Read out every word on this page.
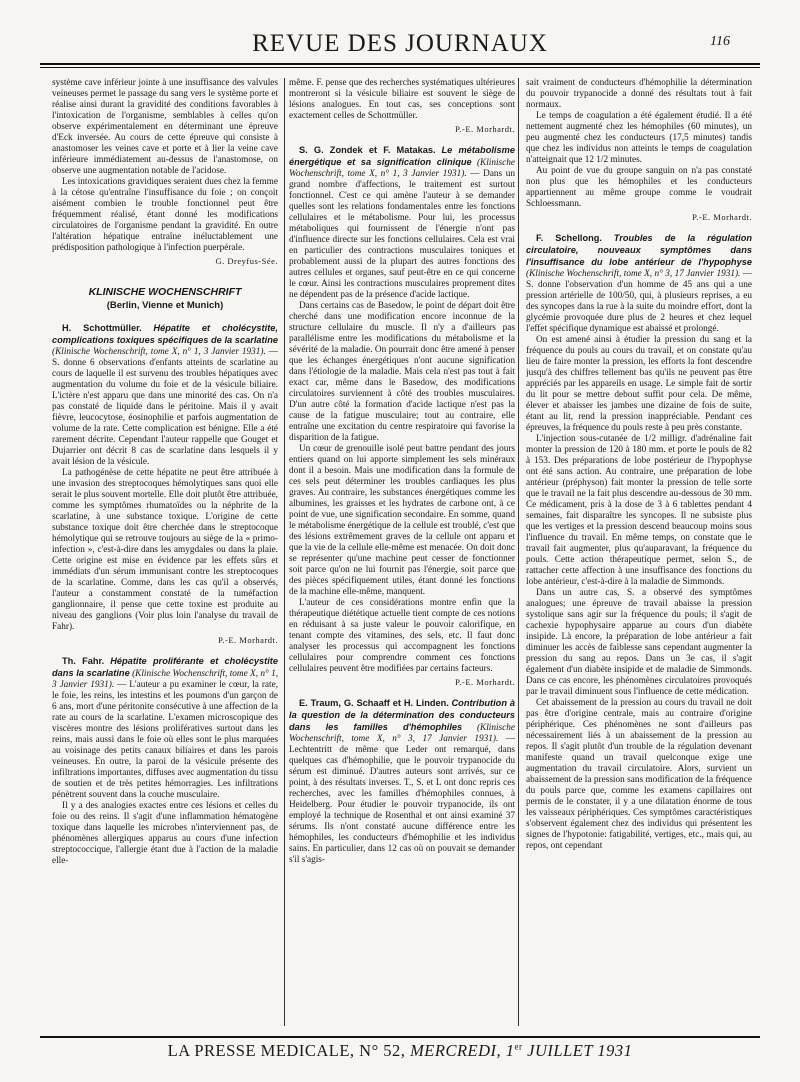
REVUE DES JOURNAUX	116

système cave inférieur jointe à une insuffisance des valvules veineuses permet le passage du sang vers le système porte et réalise ainsi durant la gravidité des conditions favorables à l'intoxication de l'organisme, semblables à celles qu'on observe expérimentalement en déterminant une épreuve d'Eck inversée. Au cours de cette épreuve qui consiste à anastomoser les veines cave et porte et à lier la veine cave inférieure immédiatement au-dessus de l'anastomose, on observe une augmentation notable de l'acidose.

Les intoxications gravidiques seraient dues chez la femme à la cétose qu'entraîne l'insuffisance du foie ; on conçoit aisément combien le trouble fonctionnel peut être fréquemment réalisé, étant donné les modifications circulatoires de l'organisme pendant la gravidité. En outre l'altération hépatique entraîne inéluctablement une prédisposition pathologique à l'infection puerpérale.

G. Dreyfus-Sée.
KLINISCHE WOCHENSCHRIFT
(Berlin, Vienne et Munich)

H. Schottmüller. Hépatite et cholécystite, complications toxiques spécifiques de la scarlatine (Klinische Wochenschrift, tome X, n° 1, 3 Janvier 1931). — S. donne 6 observations d'enfants atteints de scarlatine au cours de laquelle il est survenu des troubles hépatiques avec augmentation du volume du foie et de la vésicule biliaire. L'ictère n'est apparu que dans une minorité des cas. On n'a pas constaté de liquide dans le péritoine. Mais il y avait fièvre, leucocytose, éosinophilie et parfois augmentation de volume de la rate. Cette complication est bénigne. Elle a été rarement décrite. Cependant l'auteur rappelle que Gouget et Dujarrier ont décrit 8 cas de scarlatine dans lesquels il y avait lésion de la vésicule.

La pathogénèse de cette hépatite ne peut être attribuée à une invasion des streptocoques hémolytiques sans quoi elle serait le plus souvent mortelle. Elle doit plutôt être attribuée, comme les symptômes rhumatoïdes ou la néphrite de la scarlatine, à une substance toxique. L'origine de cette substance toxique doit être cherchée dans le streptocoque hémolytique qui se retrouve toujours au siège de la « primo-infection », c'est-à-dire dans les amygdales ou dans la plaie. Cette origine est mise en évidence par les effets sûrs et immédiats d'un sérum immunisant contre les streptocoques de la scarlatine. Comme, dans les cas qu'il a observés, l'auteur a constamment constaté de la tuméfaction ganglionnaire, il pense que cette toxine est produite au niveau des ganglions (Voir plus loin l'analyse du travail de Fahr).

P.-E. Morhardt.

Th. Fahr. Hépatite proliférante et cholécystite dans la scarlatine (Klinische Wochenschrift, tome X, n° 1, 3 Janvier 1931). — L'auteur a pu examiner le cœur, la rate, le foie, les reins, les intestins et les poumons d'un garçon de 6 ans, mort d'une péritonite consécutive à une affection de la rate au cours de la scarlatine. L'examen microscopique des viscères montre des lésions prolifératives surtout dans les reins, mais aussi dans le foie où elles sont le plus marquées au voisinage des petits canaux biliaires et dans les parois veineuses. En outre, la paroi de la vésicule présente des infiltrations importantes, diffuses avec augmentation du tissu de soutien et de très petites hémorragies. Les infiltrations pénètrent souvent dans la couche musculaire.

Il y a des analogies exactes entre ces lésions et celles du foie ou des reins. Il s'agit d'une inflammation hématogène toxique dans laquelle les microbes n'interviennent pas, de phénomènes allergiques apparus au cours d'une infection streptococcique, l'allergie étant due à l'action de la maladie elle-

même. F. pense que des recherches systématiques ultérieures montreront si la vésicule biliaire est souvent le siège de lésions analogues. En tout cas, ses conceptions sont exactement celles de Schottmüller.

P.-E. Morhardt.

S. G. Zondek et F. Matakas. Le métabolisme énergétique et sa signification clinique (Klinische Wochenschrift, tome X, n° 1, 3 Janvier 1931). — Dans un grand nombre d'affections, le traitement est surtout fonctionnel. C'est ce qui amène l'auteur à se demander quelles sont les relations fondamentales entre les fonctions cellulaires et le métabolisme. Pour lui, les processus métaboliques qui fournissent de l'énergie n'ont pas d'influence directe sur les fonctions cellulaires. Cela est vrai en particulier des contractions musculaires toniques et probablement aussi de la plupart des autres fonctions des autres cellules et organes, sauf peut-être en ce qui concerne le cœur. Ainsi les contractions musculaires proprement dites ne dépendent pas de la présence d'acide lactique.

Dans certains cas de Basedow, le point de départ doit être cherché dans une modification encore inconnue de la structure cellulaire du muscle. Il n'y a d'ailleurs pas parallélisme entre les modifications du métabolisme et la sévérité de la maladie. On pourrait donc être amené à penser que les échanges énergétiques n'ont aucune signification dans l'étiologie de la maladie. Mais cela n'est pas tout à fait exact car, même dans le Basedow, des modifications circulatoires surviennent à côté des troubles musculaires. D'un autre côté la formation d'acide lactique n'est pas la cause de la fatigue musculaire; tout au contraire, elle entraîne une excitation du centre respiratoire qui favorise la disparition de la fatigue.

Un cœur de grenouille isolé peut battre pendant des jours entiers quand on lui apporte simplement les sels minéraux dont il a besoin. Mais une modification dans la formule de ces sels peut déterminer les troubles cardiaques les plus graves. Au contraire, les substances énergétiques comme les albumines, les graisses et les hydrates de carbone ont, à ce point de vue, une signification secondaire. En somme, quand le métabolisme énergétique de la cellule est troublé, c'est que des lésions extrêmement graves de la cellule ont apparu et que la vie de la cellule elle-même est menacée. On doit donc se représenter qu'une machine peut cesser de fonctionner soit parce qu'on ne lui fournit pas l'énergie, soit parce que des pièces spécifiquement utiles, étant donné les fonctions de la machine elle-même, manquent.

L'auteur de ces considérations montre enfin que la thérapeutique diététique actuelle tient compte de ces notions en réduisant à sa juste valeur le pouvoir calorifique, en tenant compte des vitamines, des sels, etc. Il faut donc analyser les processus qui accompagnent les fonctions cellulaires pour comprendre comment ces fonctions cellulaires peuvent être modifiées par certains facteurs.

P.-E. Morhardt.

E. Traum, G. Schaaff et H. Linden. Contribution à la question de la détermination des conducteurs dans les familles d'hémophiles (Klinische Wochenschrift, tome X, n° 3, 17 Janvier 1931). — Lechtentritt de même que Leder ont remarqué, dans quelques cas d'hémophilie, que le pouvoir trypanocide du sérum est diminué. D'autres auteurs sont arrivés, sur ce point, à des résultats inverses. T., S. et L ont donc repris ces recherches, avec les familles d'hémophiles connues, à Heidelberg. Pour étudier le pouvoir trypanocide, ils ont employé la technique de Rosenthal et ont ainsi examiné 37 sérums. Ils n'ont constaté aucune différence entre les hémophiles, les conducteurs d'hémophilie et les individus sains. En particulier, dans 12 cas où on pouvait se demander s'il s'agis-

sait vraiment de conducteurs d'hémophilie la détermination du pouvoir trypanocide a donné des résultats tout à fait normaux.

Le temps de coagulation a été également étudié. Il a été nettement augmenté chez les hémophiles (60 minutes), un peu augmenté chez les conducteurs (17,5 minutes) tandis que chez les individus non atteints le temps de coagulation n'atteignait que 12 1/2 minutes.

Au point de vue du groupe sanguin on n'a pas constaté non plus que les hémophiles et les conducteurs appartiennent au même groupe comme le voudrait Schloessmann.

P.-E. Morhardt.

F. Schellong. Troubles de la régulation circulatoire, nouveaux symptômes dans l'insuffisance du lobe antérieur de l'hypophyse (Klinische Wochenschrift, tome X, n° 3, 17 Janvier 1931). — S. donne l'observation d'un homme de 45 ans qui a une pression artérielle de 100/50, qui, à plusieurs reprises, a eu des syncopes dans la rue à la suite du moindre effort, dont la glycémie provoquée dure plus de 2 heures et chez lequel l'effet spécifique dynamique est abaissé et prolongé.

On est amené ainsi à étudier la pression du sang et la fréquence du pouls au cours du travail, et on constate qu'au lieu de faire monter la pression, les efforts la font descendre jusqu'à des chiffres tellement bas qu'ils ne peuvent pas être appréciés par les appareils en usage. Le simple fait de sortir du lit pour se mettre debout suffit pour cela. De même, élever et abaisser les jambes une dizaine de fois de suite, étant au lit, rend la pression inappréciable. Pendant ces épreuves, la fréquence du pouls reste à peu près constante.

L'injection sous-cutanée de 1/2 milligr. d'adrénaline fait monter la pression de 120 à 180 mm. et porte le pouls de 82 à 153. Des préparations de lobe postérieur de l'hypophyse ont été sans action. Au contraire, une préparation de lobe antérieur (préphyson) fait monter la pression de telle sorte que le travail ne la fait plus descendre au-dessous de 30 mm. Ce médicament, pris à la dose de 3 à 6 tablettes pendant 4 semaines, fait disparaître les syncopes. Il ne subsiste plus que les vertiges et la pression descend beaucoup moins sous l'influence du travail. En même temps, on constate que le travail fait augmenter, plus qu'auparavant, la fréquence du pouls. Cette action thérapeutique permet, selon S., de rattacher cette affection à une insuffisance des fonctions du lobe antérieur, c'est-à-dire à la maladie de Simmonds.

Dans un autre cas, S. a observé des symptômes analogues; une épreuve de travail abaisse la pression systolique sans agir sur la fréquence du pouls; il s'agit de cachexie hypophysaire apparue au cours d'un diabète insipide. Là encore, la préparation de lobe antérieur a fait diminuer les accès de faiblesse sans cependant augmenter la pression du sang au repos. Dans un 3e cas, il s'agit également d'un diabète insipide et de maladie de Simmonds. Dans ce cas encore, les phénomènes circulatoires provoqués par le travail diminuent sous l'influence de cette médication.

Cet abaissement de la pression au cours du travail ne doit pas être d'origine centrale, mais au contraire d'origine périphérique. Ces phénomènes ne sont d'ailleurs pas nécessairement liés à un abaissement de la pression au repos. Il s'agit plutôt d'un trouble de la régulation devenant manifeste quand un travail quelconque exige une augmentation du travail circulatoire. Alors, survient un abaissement de la pression sans modification de la fréquence du pouls parce que, comme les examens capillaires ont permis de le constater, il y a une dilatation énorme de tous les vaisseaux périphériques. Ces symptômes caractéristiques s'observent également chez des individus qui présentent les signes de l'hypotonie: fatigabilité, vertiges, etc., mais qui, au repos, ont cependant

LA PRESSE MEDICALE, N° 52, MERCREDI, 1er JUILLET 1931
